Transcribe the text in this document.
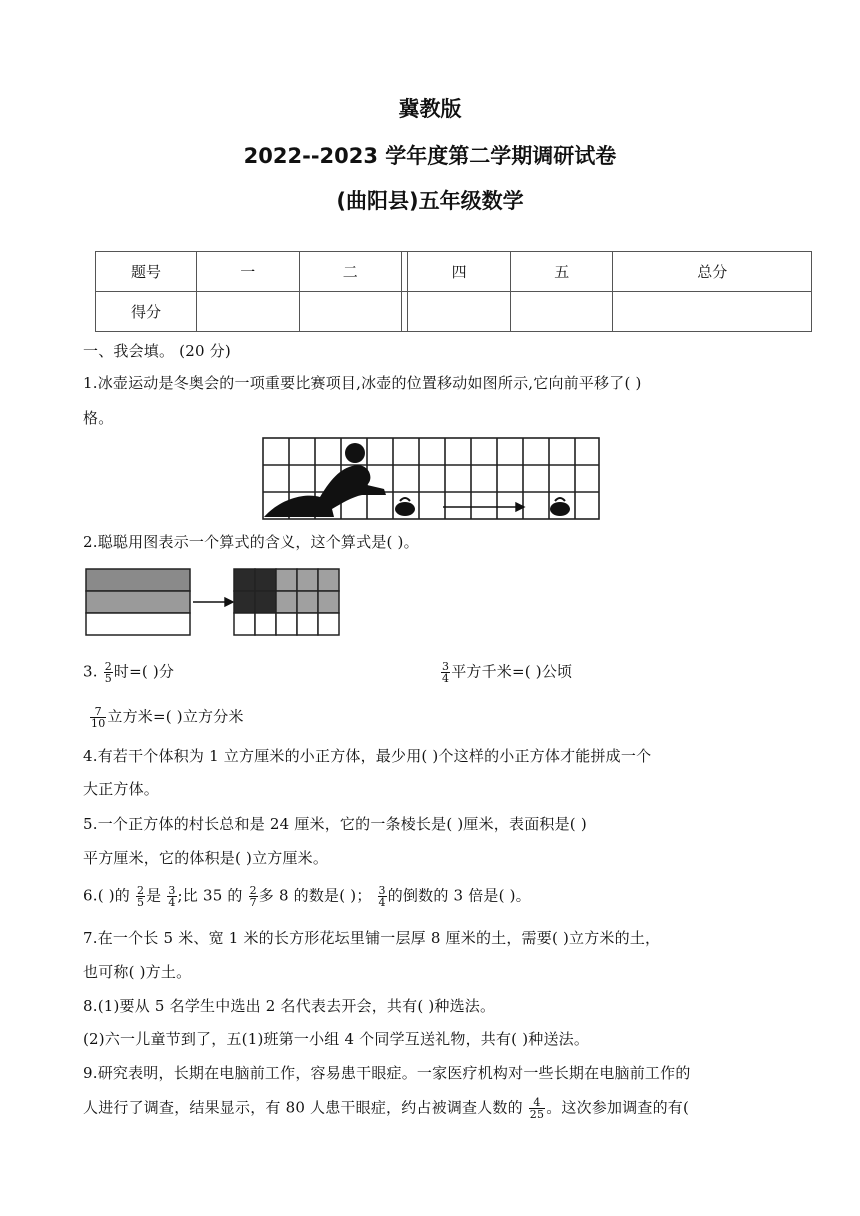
冀教版
2022--2023 学年度第二学期调研试卷
(曲阳县)五年级数学
题号	一	二		四	五	总分
得分						
一、我会填。 (20 分)
1.冰壶运动是冬奥会的一项重要比赛项目,冰壶的位置移动如图所示,它向前平移了( )
格。
2.聪聪用图表示一个算式的含义，这个算式是( )。
3. $\frac{2}{5}$ 时=( )分	$\frac{3}{4}$ 平方千米=( )公顷
$\frac{7}{10}$ 立方米=( )立方分米
4.有若干个体积为 1 立方厘米的小正方体，最少用( )个这样的小正方体才能拼成一个
大正方体。
5.一个正方体的村长总和是 24 厘米，它的一条棱长是( )厘米，表面积是( )
平方厘米，它的体积是( )立方厘米。
6.( )的 $\frac{2}{5}$ 是 $\frac{3}{4}$ ;比 35 的 $\frac{2}{7}$ 多 8 的数是( )； $\frac{3}{4}$ 的倒数的 3 倍是( )。
7.在一个长 5 米、宽 1 米的长方形花坛里铺一层厚 8 厘米的土，需要( )立方米的土，
也可称( )方土。
8.(1)要从 5 名学生中选出 2 名代表去开会，共有( )种选法。
(2)六一儿童节到了，五(1)班第一小组 4 个同学互送礼物，共有( )种送法。
9.研究表明，长期在电脑前工作，容易患干眼症。一家医疗机构对一些长期在电脑前工作的
人进行了调查，结果显示，有 80 人患干眼症，约占被调查人数的 $\frac{4}{25}$ 。这次参加调查的有(
